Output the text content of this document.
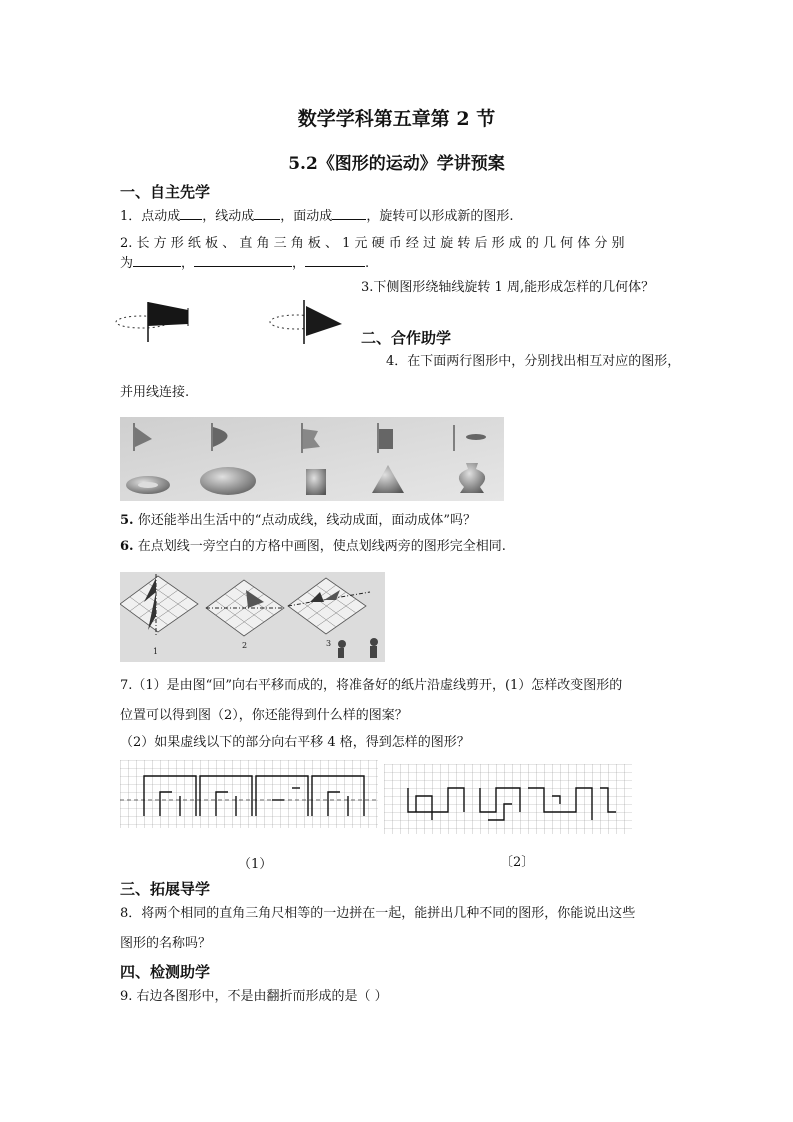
数学学科第五章第 2 节
5.2《图形的运动》学讲预案
一、自主先学
1．点动成 ，线动成 ，面动成	，旋转可以形成新的图形.
2. 长 方 形 纸 板 、 直 角 三 角 板 、 1 元 硬 币 经 过 旋 转 后 形 成 的 几 何 体 分 别
为	，	，	.
3.下侧图形绕轴线旋转 1 周,能形成怎样的几何体？
二、合作助学
4．在下面两行图形中，分别找出相互对应的图形，
并用线连接.
5. 你还能举出生活中的“点动成线，线动成面，面动成体”吗？
6. 在点划线一旁空白的方格中画图，使点划线两旁的图形完全相同.
1
2	3
7.（1）是由图“回”向右平移而成的，将准备好的纸片沿虚线剪开，(1）怎样改变图形的
位置可以得到图（2），你还能得到什么样的图案？
（2）如果虚线以下的部分向右平移 4 格，得到怎样的图形？
（1）	〔2〕
三、拓展导学
8．将两个相同的直角三角尺相等的一边拼在一起，能拼出几种不同的图形，你能说出这些
图形的名称吗？
四、检测助学
9. 右边各图形中，不是由翻折而形成的是（ ）
